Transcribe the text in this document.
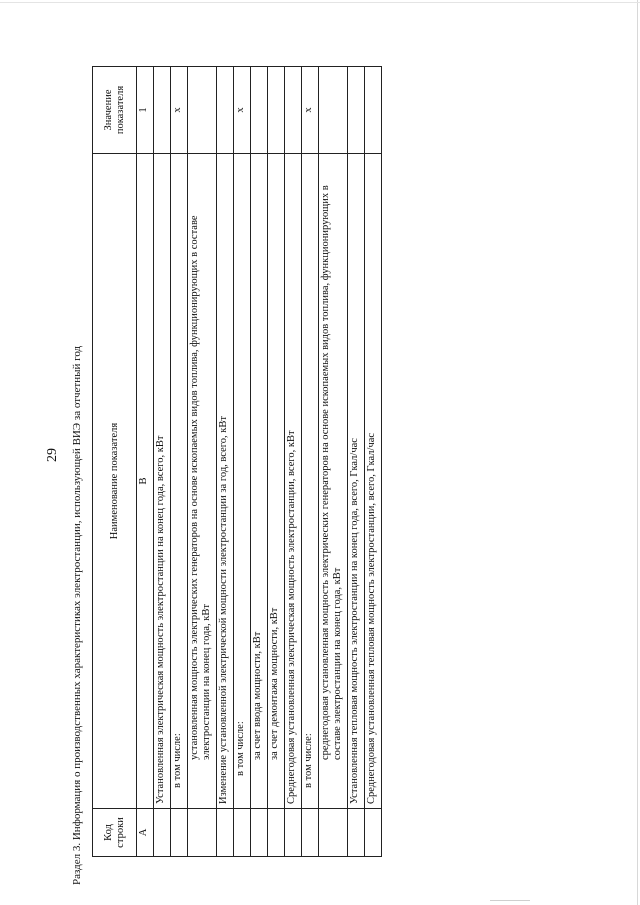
29 Раздел 3. Информация о производственных характеристиках электростанции, использующей ВИЭ за отчетный год Код строки	Наименование показателя	Значение показателя
А	В	1
	Установленная электрическая мощность электростанции на конец года, всего, кВт	
	в том числе:	х
	установленная мощность электрических генераторов на основе ископаемых видов топлива, функционирующих в составе электростанции на конец года, кВт	
	Изменение установленной электрической мощности электростанции за год, всего, кВт	
	в том числе:	х
	за счет ввода мощности, кВт	
	за счет демонтажа мощности, кВт	
	Среднегодовая установленная электрическая мощность электростанции, всего, кВт	
	в том числе:	х
	среднегодовая установленная мощность электрических генераторов на основе ископаемых видов топлива, функционирующих в составе электростанции на конец года, кВт	
	Установленная тепловая мощность электростанции на конец года, всего, Гкал/час	
	Среднегодовая установленная тепловая мощность электростанции, всего, Гкал/час	
